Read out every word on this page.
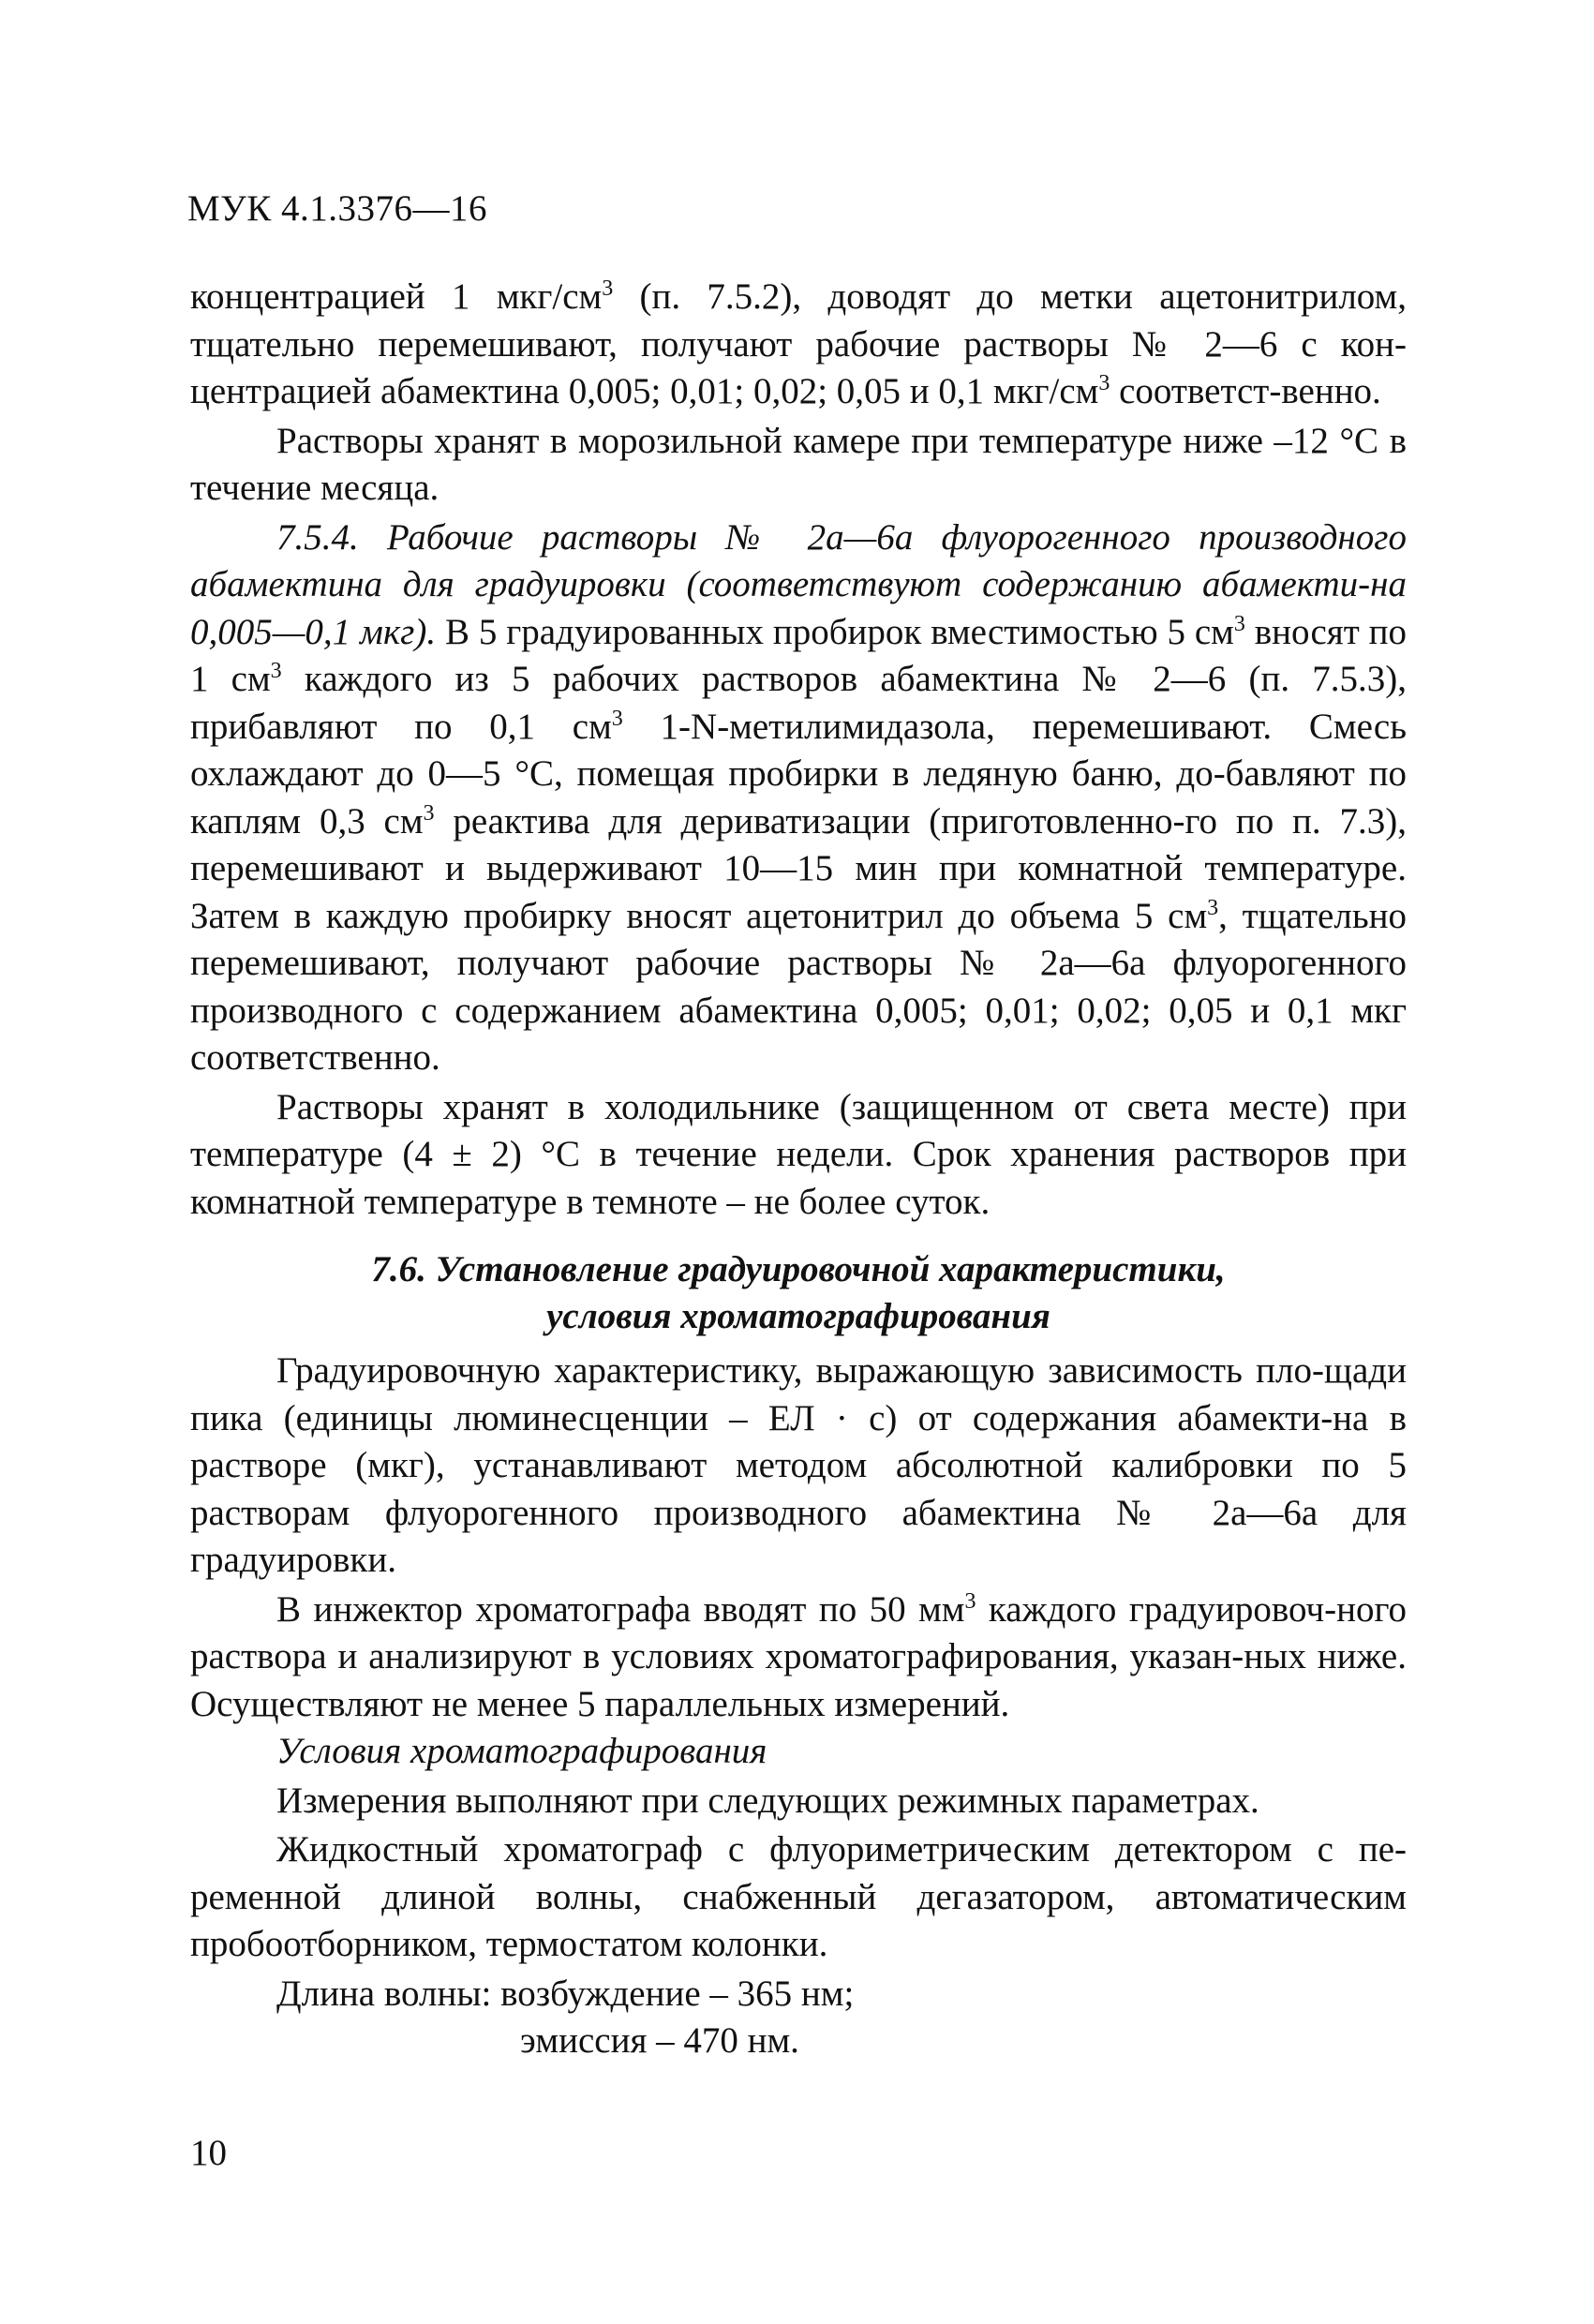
МУК 4.1.3376—16

концентрацией 1 мкг/$см^3$ (п. 7.5.2), доводят до метки ацетонитрилом, тщательно перемешивают, получают рабочие растворы № 2—6 с кон-центрацией абамектина 0,005; 0,01; 0,02; 0,05 и 0,1 мкг/$см^3$ соответст-венно.

Растворы хранят в морозильной камере при температуре ниже –12 °С в течение месяца.

7.5.4. Рабочие растворы № 2а—6а флуорогенного производного абамектина для градуировки (соответствуют содержанию абамекти-на 0,005—0,1 мкг). В 5 градуированных пробирок вместимостью 5 $см^3$ вносят по 1 $см^3$ каждого из 5 рабочих растворов абамектина № 2—6 (п. 7.5.3), прибавляют по 0,1 $см^3$ 1-N-метилимидазола, перемешивают. Смесь охлаждают до 0—5 °С, помещая пробирки в ледяную баню, до-бавляют по каплям 0,3 $см^3$ реактива для дериватизации (приготовленно-го по п. 7.3), перемешивают и выдерживают 10—15 мин при комнатной температуре. Затем в каждую пробирку вносят ацетонитрил до объема 5 $см^3$, тщательно перемешивают, получают рабочие растворы № 2а—6а флуорогенного производного с содержанием абамектина 0,005; 0,01; 0,02; 0,05 и 0,1 мкг соответственно.

Растворы хранят в холодильнике (защищенном от света месте) при температуре (4 ± 2) °С в течение недели. Срок хранения растворов при комнатной температуре в темноте – не более суток.

7.6. Установление градуировочной характеристики,
условия хроматографирования

Градуировочную характеристику, выражающую зависимость пло-щади пика (единицы люминесценции – ЕЛ · с) от содержания абамекти-на в растворе (мкг), устанавливают методом абсолютной калибровки по 5 растворам флуорогенного производного абамектина № 2а—6а для градуировки.

В инжектор хроматографа вводят по 50 $мм^3$ каждого градуировоч-ного раствора и анализируют в условиях хроматографирования, указан-ных ниже. Осуществляют не менее 5 параллельных измерений.

Условия хроматографирования

Измерения выполняют при следующих режимных параметрах.

Жидкостный хроматограф с флуориметрическим детектором с пе-ременной длиной волны, снабженный дегазатором, автоматическим пробоотборником, термостатом колонки.

Длина волны: возбуждение – 365 нм;
эмиссия – 470 нм.

10
